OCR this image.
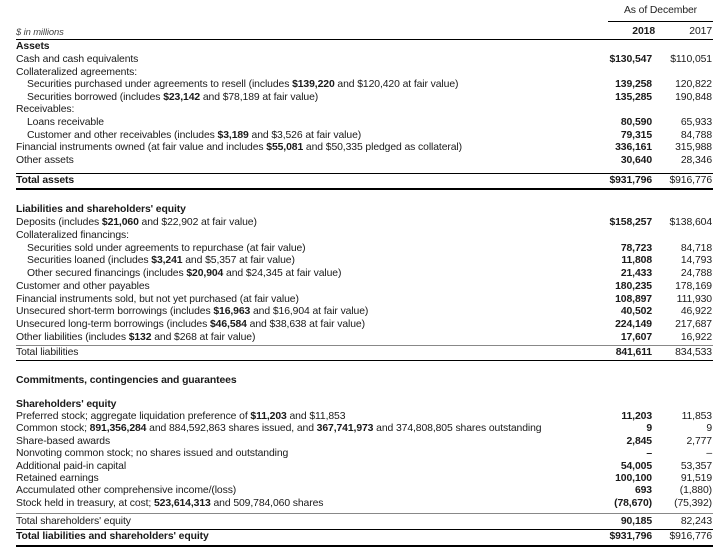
As of December
$ in millions	2018	2017
Assets
Cash and cash equivalents	$130,547	$110,051
Collateralized agreements:
Securities purchased under agreements to resell (includes $139,220 and $120,420 at fair value)	139,258	120,822
Securities borrowed (includes $23,142 and $78,189 at fair value)	135,285	190,848
Receivables:
Loans receivable	80,590	65,933
Customer and other receivables (includes $3,189 and $3,526 at fair value)	79,315	84,788
Financial instruments owned (at fair value and includes $55,081 and $50,335 pledged as collateral)	336,161	315,988
Other assets	30,640	28,346
Total assets	$931,796	$916,776
Liabilities and shareholders' equity
Deposits (includes $21,060 and $22,902 at fair value)	$158,257	$138,604
Collateralized financings:
Securities sold under agreements to repurchase (at fair value)	78,723	84,718
Securities loaned (includes $3,241 and $5,357 at fair value)	11,808	14,793
Other secured financings (includes $20,904 and $24,345 at fair value)	21,433	24,788
Customer and other payables	180,235	178,169
Financial instruments sold, but not yet purchased (at fair value)	108,897	111,930
Unsecured short-term borrowings (includes $16,963 and $16,904 at fair value)	40,502	46,922
Unsecured long-term borrowings (includes $46,584 and $38,638 at fair value)	224,149	217,687
Other liabilities (includes $132 and $268 at fair value)	17,607	16,922
Total liabilities	841,611	834,533
Commitments, contingencies and guarantees
Shareholders' equity
Preferred stock; aggregate liquidation preference of $11,203 and $11,853	11,203	11,853
Common stock; 891,356,284 and 884,592,863 shares issued, and 367,741,973 and 374,808,805 shares outstanding	9	9
Share-based awards	2,845	2,777
Nonvoting common stock; no shares issued and outstanding	–	–
Additional paid-in capital	54,005	53,357
Retained earnings	100,100	91,519
Accumulated other comprehensive income/(loss)	693	(1,880)
Stock held in treasury, at cost; 523,614,313 and 509,784,060 shares	(78,670)	(75,392)
Total shareholders' equity	90,185	82,243
Total liabilities and shareholders' equity	$931,796	$916,776
